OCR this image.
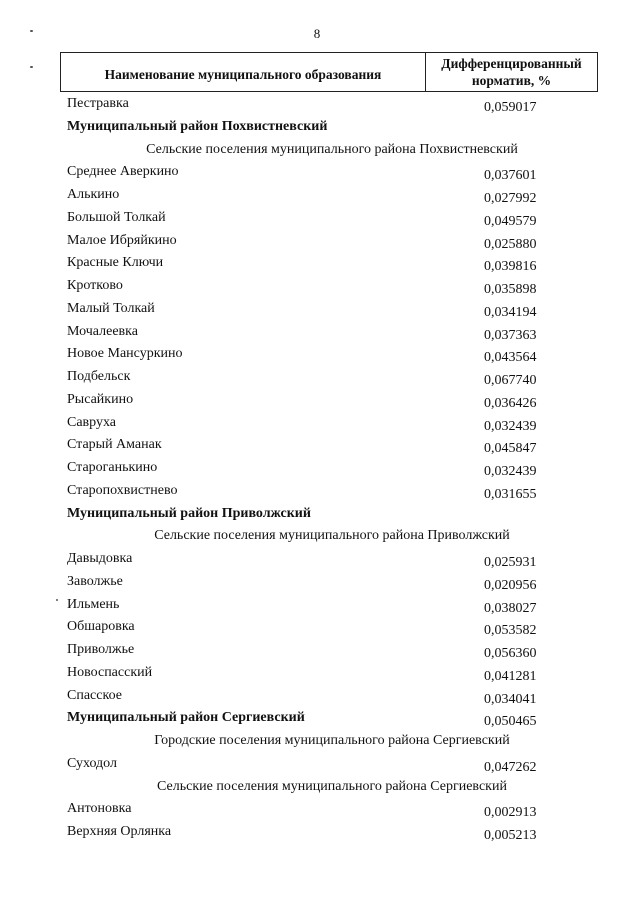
8
Наименование муниципального образования
Дифференцированный
норматив, %
Пестравка	0,059017
Муниципальный район Похвистневский
Сельские поселения муниципального района Похвистневский
Среднее Аверкино	0,037601
Алькино	0,027992
Большой Толкай	0,049579
Малое Ибряйкино	0,025880
Красные Ключи	0,039816
Кротково	0,035898
Малый Толкай	0,034194
Мочалеевка	0,037363
Новое Мансуркино	0,043564
Подбельск	0,067740
Рысайкино	0,036426
Савруха	0,032439
Старый Аманак	0,045847
Староганькино	0,032439
Старопохвистнево	0,031655
Муниципальный район Приволжский
Сельские поселения муниципального района Приволжский
Давыдовка	0,025931
Заволжье	0,020956
Ильмень	0,038027
Обшаровка	0,053582
Приволжье	0,056360
Новоспасский	0,041281
Спасское	0,034041
Муниципальный район Сергиевский	0,050465
Городские поселения муниципального района Сергиевский
Суходол	0,047262
Сельские поселения муниципального района Сергиевский
Антоновка	0,002913
Верхняя Орлянка	0,005213
